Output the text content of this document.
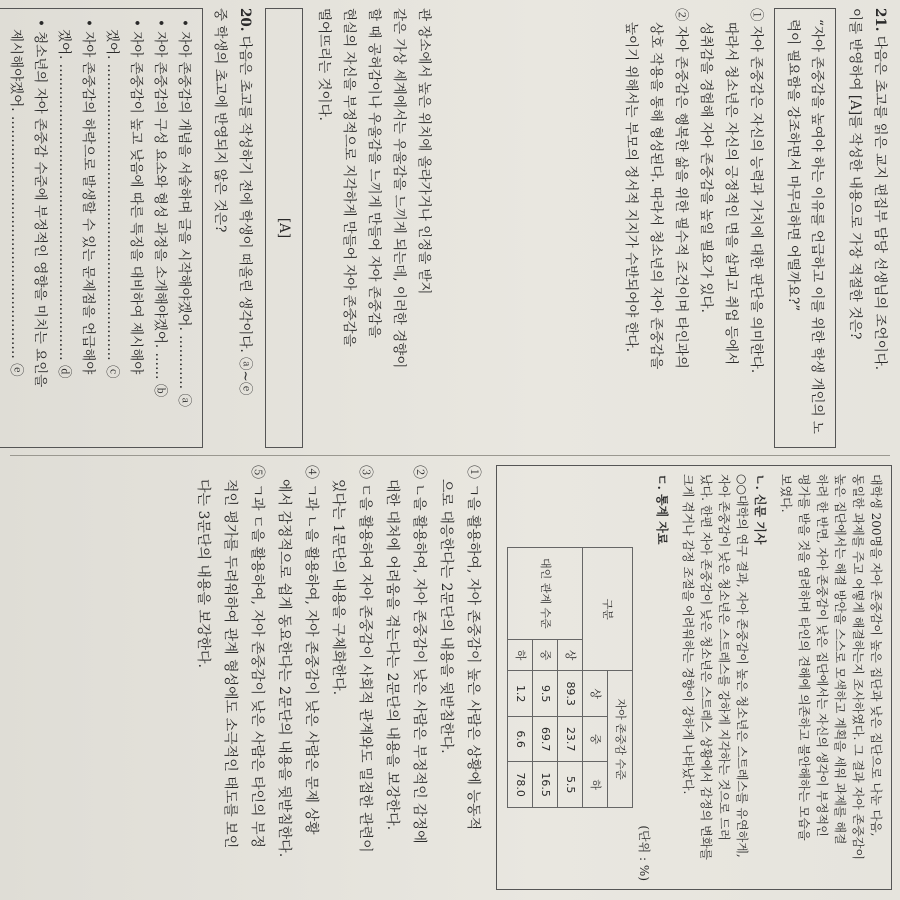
관 장소에서 높은 위치에 올라가거나 인정을 받지
같은 가상 세계에서는 우울감을 느끼게 되는데, 이러한 경향이
할 때 공허감이나 우울감을 느끼게 만들어 자아 존중감을
현실의 자신을 부정적으로 지각하게 만들어 자아 존중감을
떨어뜨리는 것이다.
[A]
20. 다음은 초고를 작성하기 전에 학생이 떠올린 생각이다. ⓐ~ⓔ
중 학생의 초고에 반영되지 않은 것은?
• 자아 존중감의 개념을 서술하며 글을 시작해야겠어. ………… ⓐ
• 자아 존중감의 구성 요소와 형성 과정을 소개해야겠어. …… ⓑ
• 자아 존중감이 높고 낮음에 따른 특징을 대비하여 제시해야
겠어. ………………………………………………………… ⓒ
• 자아 존중감의 하락으로 발생할 수 있는 문제점을 언급해야
겠어. ………………………………………………………… ⓓ
• 청소년의 자아 존중감 수준에 부정적인 영향을 미치는 요인을
제시해야겠어. ……………………………………………… ⓔ
21. 다음은 초고를 읽은 교지 편집부 담당 선생님의 조언이다.
이를 반영하여 [A]를 작성한 내용으로 가장 적절한 것은?
“자아 존중감을 높여야 하는 이유를 언급하고 이를 위한 학생 개인의 노력이 필요함을 강조하면서 마무리하면 어떨까요?”
① 자아 존중감은 자신의 능력과 가치에 대한 판단을 의미한다.
따라서 청소년은 자신의 긍정적인 면을 살피고 취업 등에서
성취감을 경험해 자아 존중감을 높일 필요가 있다.
② 자아 존중감은 행복한 삶을 위한 필수적 조건이며 타인과의
상호 작용을 통해 형성된다. 따라서 청소년의 자아 존중감을
높이기 위해서는 부모의 정서적 지지가 수반되어야 한다.
대학생 200명을 자아 존중감이 높은 집단과 낮은 집단으로 나눈 다음,
동일한 과제를 주고 어떻게 해결하는지 조사하였다. 그 결과 자아 존중감이
높은 집단에서는 해결 방안을 스스로 모색하고 계획을 세워 과제를 해결
하려 한 반면, 자아 존중감이 낮은 집단에서는 자신의 생각이 부정적인
평가를 받을 것을 염려하며 타인의 견해에 의존하고 불안해하는 모습을
보였다.
ㄴ. 신문 기사
○○대학의 연구 결과, 자아 존중감이 높은 청소년은 스트레스를 유연하게,
자아 존중감이 낮은 청소년은 스트레스를 강하게 지각하는 것으로 드러
났다. 한편 자아 존중감이 낮은 청소년은 스트레스 상황에서 감정의 변화를
크게 겪거나 감정 조절을 어려워하는 경향이 강하게 나타났다.
ㄷ. 통계 자료
(단위 : %)
구분		자아 존중감 수준		
		상	중	하
대인 관계 수준	상	89.3	23.7	5.5
	중	9.5	69.7	16.5
	하	1.2	6.6	78.0
① ㄱ을 활용하여, 자아 존중감이 높은 사람은 상황에 능동적
으로 대응한다는 2문단의 내용을 뒷받침한다.
② ㄴ을 활용하여, 자아 존중감이 낮은 사람은 부정적인 감정에
대한 대처에 어려움을 겪는다는 2문단의 내용을 보강한다.
③ ㄷ을 활용하여 자아 존중감이 사회적 관계와도 밀접한 관련이
있다는 1문단의 내용을 구체화한다.
④ ㄱ과 ㄴ을 활용하여, 자아 존중감이 낮은 사람은 문제 상황
에서 감정적으로 쉽게 동요한다는 2문단의 내용을 뒷받침한다.
⑤ ㄱ과 ㄷ을 활용하여, 자아 존중감이 낮은 사람은 타인의 부정
적인 평가를 두려워하여 관계 형성에도 소극적인 태도를 보인
다는 3문단의 내용을 보강한다.
